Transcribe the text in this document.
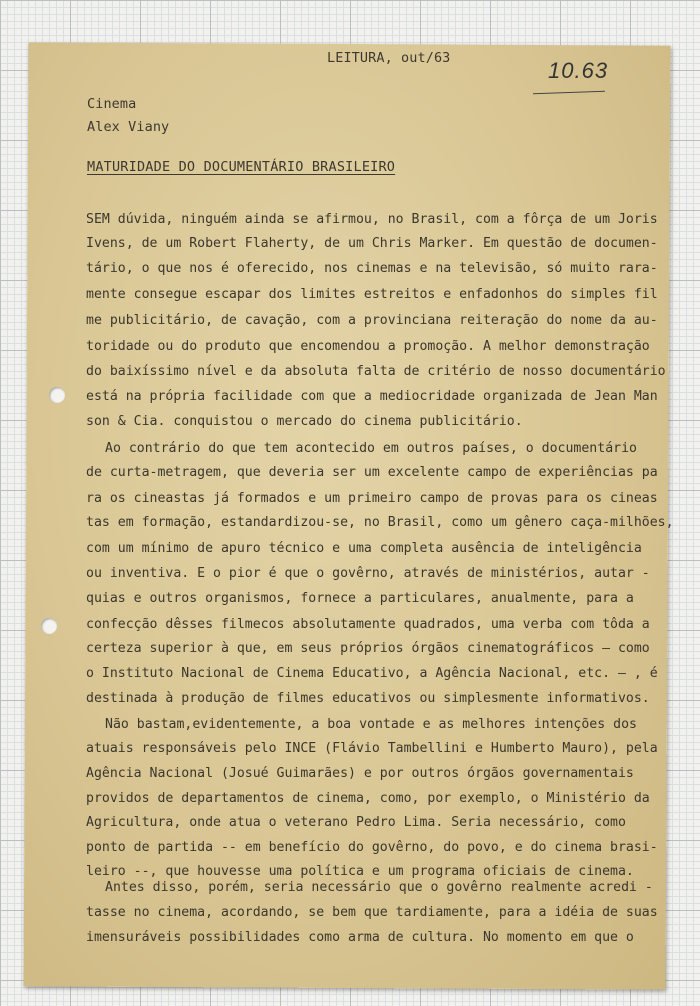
LEITURA, out/63	10.63
Cinema
Alex Viany
MATURIDADE DO DOCUMENTÁRIO BRASILEIRO
SEM dúvida, ninguém ainda se afirmou, no Brasil, com a fôrça de um Joris
Ivens, de um Robert Flaherty, de um Chris Marker. Em questão de documen-
tário, o que nos é oferecido, nos cinemas e na televisão, só muito rara-
mente consegue escapar dos limites estreitos e enfadonhos do simples fil
me publicitário, de cavação, com a provinciana reiteração do nome da au-
toridade ou do produto que encomendou a promoção. A melhor demonstração
do baixíssimo nível e da absoluta falta de critério de nosso documentário
está na própria facilidade com que a mediocridade organizada de Jean Man
son & Cia. conquistou o mercado do cinema publicitário.
Ao contrário do que tem acontecido em outros países, o documentário
de curta-metragem, que deveria ser um excelente campo de experiências pa
ra os cineastas já formados e um primeiro campo de provas para os cineas
tas em formação, estandardizou-se, no Brasil, como um gênero caça-milhões,
com um mínimo de apuro técnico e uma completa ausência de inteligência
ou inventiva. E o pior é que o govêrno, através de ministérios, autar -
quias e outros organismos, fornece a particulares, anualmente, para a
confecção dêsses filmecos absolutamente quadrados, uma verba com tôda a
certeza superior à que, em seus próprios órgãos cinematográficos — como
o Instituto Nacional de Cinema Educativo, a Agência Nacional, etc. — , é
destinada à produção de filmes educativos ou simplesmente informativos.
Não bastam,evidentemente, a boa vontade e as melhores intenções dos
atuais responsáveis pelo INCE (Flávio Tambellini e Humberto Mauro), pela
Agência Nacional (Josué Guimarães) e por outros órgãos governamentais
providos de departamentos de cinema, como, por exemplo, o Ministério da
Agricultura, onde atua o veterano Pedro Lima. Seria necessário, como
ponto de partida -- em benefício do govêrno, do povo, e do cinema brasi-
leiro --, que houvesse uma política e um programa oficiais de cinema.
Antes disso, porém, seria necessário que o govêrno realmente acredi -
tasse no cinema, acordando, se bem que tardiamente, para a idéia de suas
imensuráveis possibilidades como arma de cultura. No momento em que o
